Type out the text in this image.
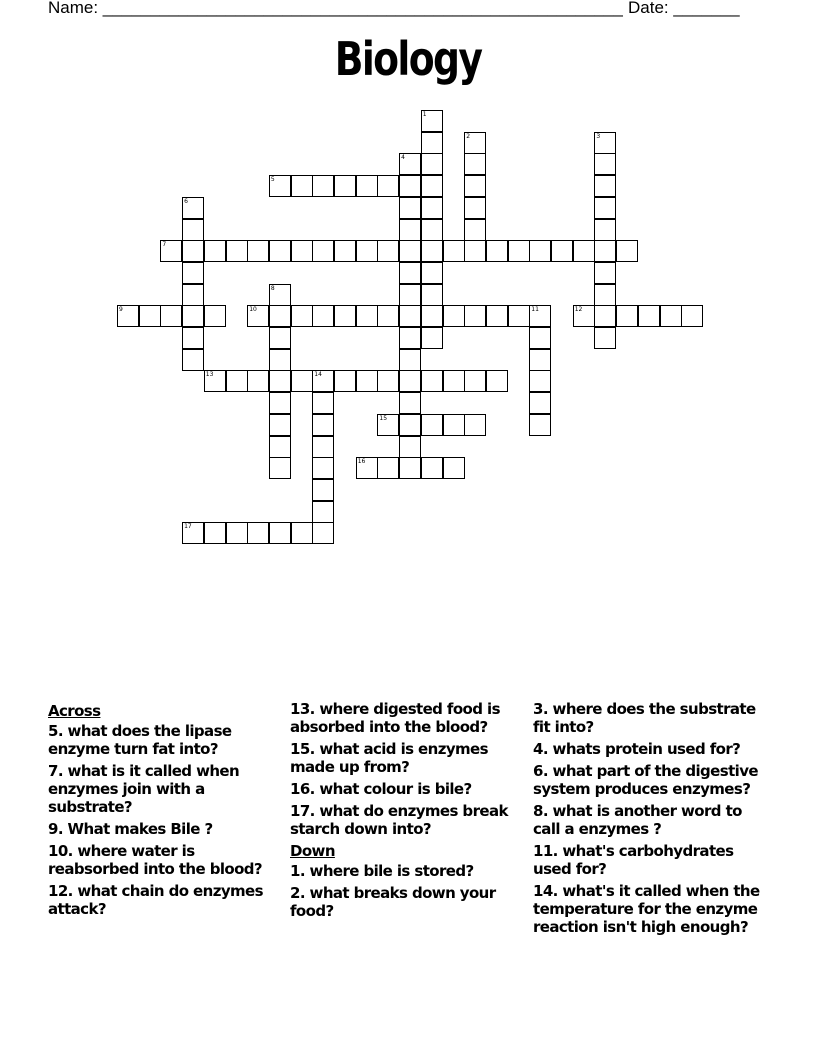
Name: _______________________________________________________ Date: _______
Biology
1
2	3
4
5
6
7
8
9	10	11	12
13	14
15
16
17
Across
5. what does the lipase enzyme turn fat into?
7. what is it called when enzymes join with a substrate?
9. What makes Bile ?
10. where water is reabsorbed into the blood?
12. what chain do enzymes attack?
13. where digested food is absorbed into the blood?
15. what acid is enzymes made up from?
16. what colour is bile?
17. what do enzymes break starch down into?
Down
1. where bile is stored?
2. what breaks down your food?
3. where does the substrate fit into?
4. whats protein used for?
6. what part of the digestive system produces enzymes?
8. what is another word to call a enzymes ?
11. what's carbohydrates used for?
14. what's it called when the temperature for the enzyme reaction isn't high enough?
